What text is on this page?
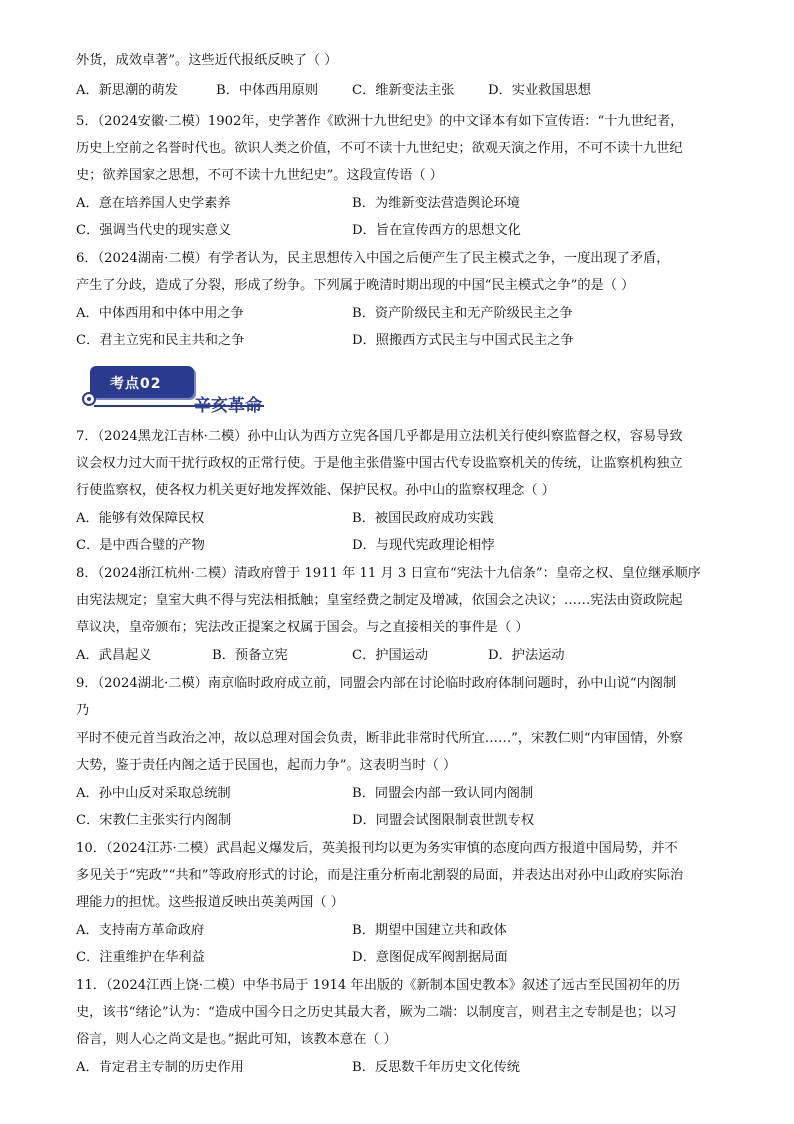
外货，成效卓著”。这些近代报纸反映了（ ）
A．新思潮的萌发	B．中体西用原则	C．维新变法主张	D．实业救国思想
5．（2024安徽·二模）1902年，史学著作《欧洲十九世纪史》的中文译本有如下宣传语：“十九世纪者，
历史上空前之名誉时代也。欲识人类之价值，不可不读十九世纪史；欲观天演之作用，不可不读十九世纪
史；欲养国家之思想，不可不读十九世纪史”。这段宣传语（ ）
A．意在培养国人史学素养	B．为维新变法营造舆论环境
C．强调当代史的现实意义	D．旨在宣传西方的思想文化
6．（2024湖南·二模）有学者认为，民主思想传入中国之后便产生了民主模式之争，一度出现了矛盾，
产生了分歧，造成了分裂，形成了纷争。下列属于晚清时期出现的中国“民主模式之争”的是（ ）
A．中体西用和中体中用之争	B．资产阶级民主和无产阶级民主之争
C．君主立宪和民主共和之争	D．照搬西方式民主与中国式民主之争
考点02
辛亥革命
7．（2024黑龙江吉林·二模）孙中山认为西方立宪各国几乎都是用立法机关行使纠察监督之权，容易导致
议会权力过大而干扰行政权的正常行使。于是他主张借鉴中国古代专设监察机关的传统，让监察机构独立
行使监察权，使各权力机关更好地发挥效能、保护民权。孙中山的监察权理念（ ）
A．能够有效保障民权	B．被国民政府成功实践
C．是中西合璧的产物	D．与现代宪政理论相悖
8．（2024浙江杭州·二模）清政府曾于 1911 年 11 月 3 日宣布“宪法十九信条”：皇帝之权、皇位继承顺序
由宪法规定；皇室大典不得与宪法相抵触；皇室经费之制定及增减，依国会之决议；……宪法由资政院起
草议决，皇帝颁布；宪法改正提案之权属于国会。与之直接相关的事件是（ ）
A．武昌起义	B．预备立宪	C．护国运动	D．护法运动
9．（2024湖北·二模）南京临时政府成立前，同盟会内部在讨论临时政府体制问题时，孙中山说“内阁制
乃
平时不使元首当政治之冲，故以总理对国会负责，断非此非常时代所宜……”，宋教仁则“内审国情，外察
大势，鉴于责任内阁之适于民国也，起而力争”。这表明当时（ ）
A．孙中山反对采取总统制	B．同盟会内部一致认同内阁制
C．宋教仁主张实行内阁制	D．同盟会试图限制袁世凯专权
10．（2024江苏·二模）武昌起义爆发后，英美报刊均以更为务实审慎的态度向西方报道中国局势，并不
多见关于“宪政”“共和”等政府形式的讨论，而是注重分析南北割裂的局面，并表达出对孙中山政府实际治
理能力的担忧。这些报道反映出英美两国（ ）
A．支持南方革命政府	B．期望中国建立共和政体
C．注重维护在华利益	D．意图促成军阀割据局面
11．（2024江西上饶·二模）中华书局于 1914 年出版的《新制本国史教本》叙述了远古至民国初年的历
史，该书“绪论”认为：“造成中国今日之历史其最大者，厥为二端：以制度言，则君主之专制是也；以习
俗言，则人心之尚文是也。”据此可知，该教本意在（ ）
A．肯定君主专制的历史作用	B．反思数千年历史文化传统
